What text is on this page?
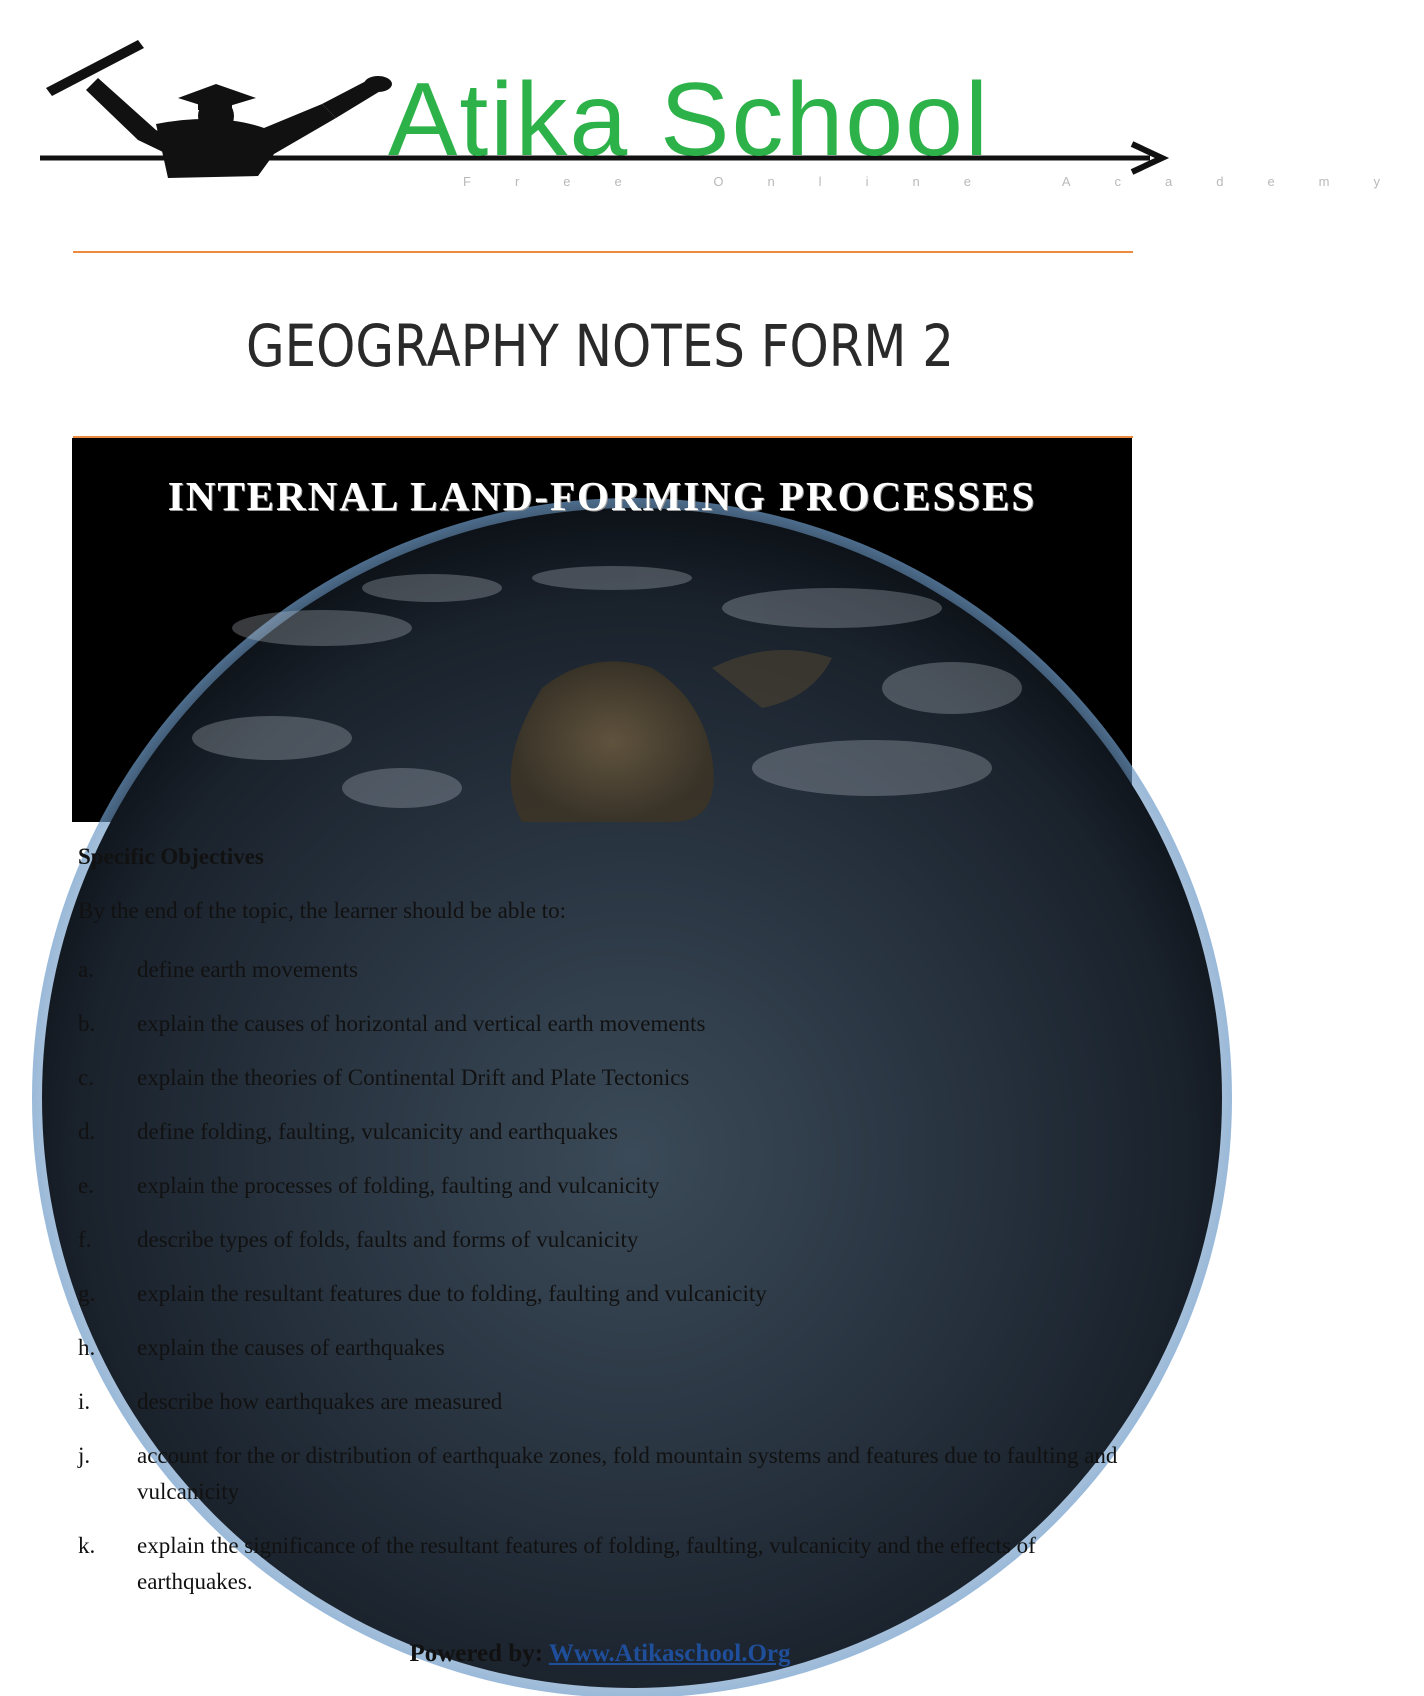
Atika School
Free Online Academy
GEOGRAPHY NOTES FORM 2
INTERNAL LAND-FORMING PROCESSES
Specific Objectives
By the end of the topic, the learner should be able to:
a.	define earth movements
b.	explain the causes of horizontal and vertical earth movements
c.	explain the theories of Continental Drift and Plate Tectonics
d.	define folding, faulting, vulcanicity and earthquakes
e.	explain the processes of folding, faulting and vulcanicity
f.	describe types of folds, faults and forms of vulcanicity
g.	explain the resultant features due to folding, faulting and vulcanicity
h.	explain the causes of earthquakes
i.	describe how earthquakes are measured
j.	account for the or distribution of earthquake zones, fold mountain systems and features due to faulting and vulcanicity
k.	explain the significance of the resultant features of folding, faulting, vulcanicity and the effects of earthquakes.
Powered by: Www.Atikaschool.Org
